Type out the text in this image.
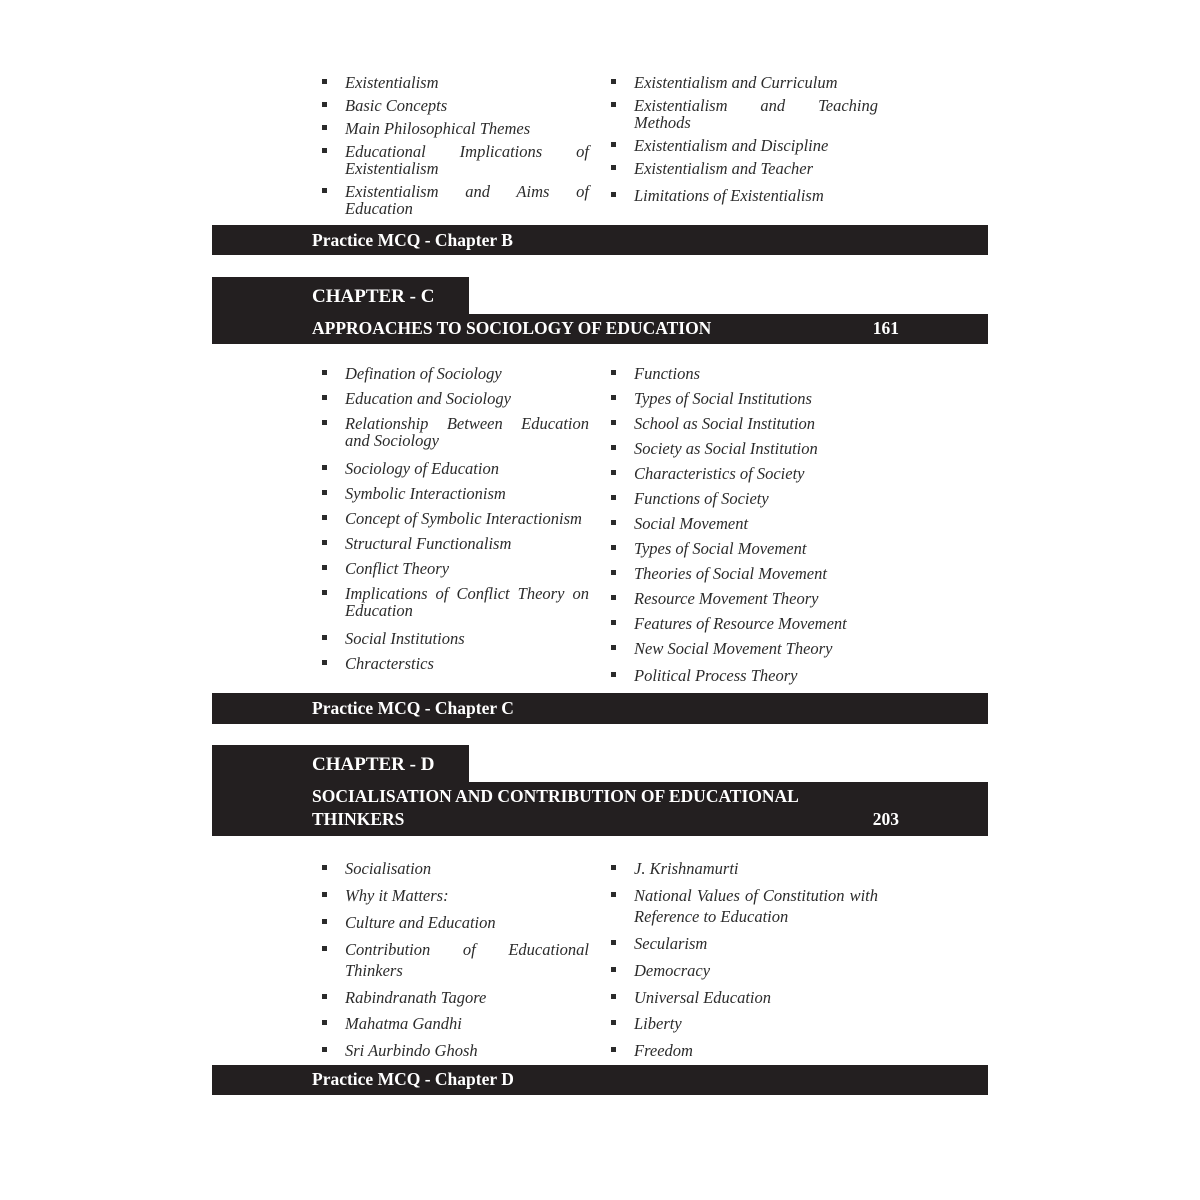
Existentialism
Basic Concepts
Main Philosophical Themes
Educational Implications of Existentialism
Existentialism and Aims of Education
Existentialism and Curriculum
Existentialism and Teaching Methods
Existentialism and Discipline
Existentialism and Teacher
Limitations of Existentialism
Practice MCQ - Chapter B
CHAPTER - C
APPROACHES TO SOCIOLOGY OF EDUCATION	161
Defination of Sociology
Education and Sociology
Relationship Between Education and Sociology
Sociology of Education
Symbolic Interactionism
Concept of Symbolic Interactionism
Structural Functionalism
Conflict Theory
Implications of Conflict Theory on Education
Social Institutions
Chracterstics
Functions
Types of Social Institutions
School as Social Institution
Society as Social Institution
Characteristics of Society
Functions of Society
Social Movement
Types of Social Movement
Theories of Social Movement
Resource Movement Theory
Features of Resource Movement
New Social Movement Theory
Political Process Theory
Practice MCQ - Chapter C
CHAPTER - D
SOCIALISATION AND CONTRIBUTION OF EDUCATIONAL
THINKERS	203
Socialisation
Why it Matters:
Culture and Education
Contribution of Educational Thinkers
Rabindranath Tagore
Mahatma Gandhi
Sri Aurbindo Ghosh
J. Krishnamurti
National Values of Constitution with Reference to Education
Secularism
Democracy
Universal Education
Liberty
Freedom
Practice MCQ - Chapter D
